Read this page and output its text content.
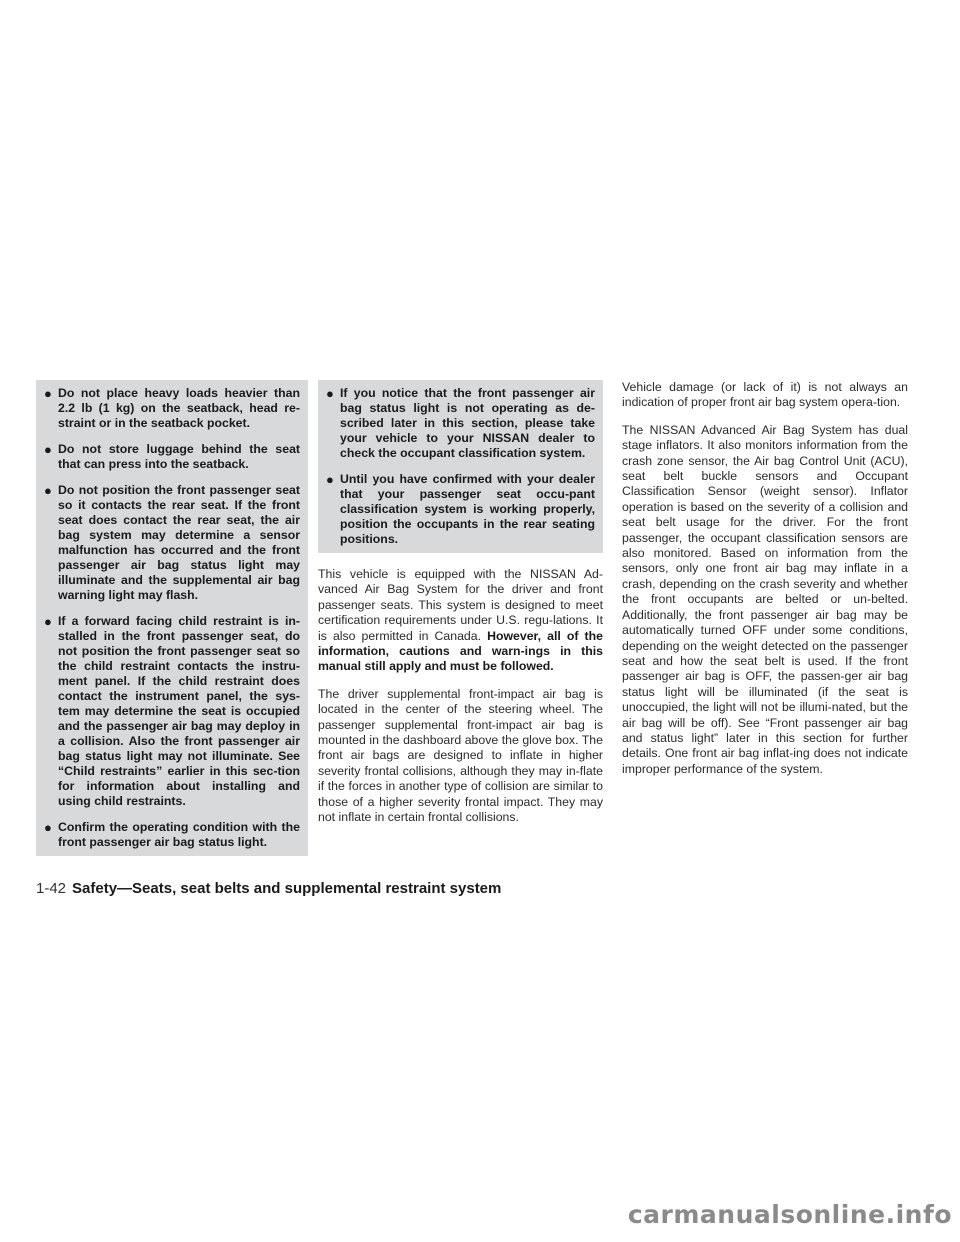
● Do not place heavy loads heavier than 2.2 lb (1 kg) on the seatback, head re-straint or in the seatback pocket.
● Do not store luggage behind the seat that can press into the seatback.
● Do not position the front passenger seat so it contacts the rear seat. If the front seat does contact the rear seat, the air bag system may determine a sensor malfunction has occurred and the front passenger air bag status light may illuminate and the supplemental air bag warning light may flash.
● If a forward facing child restraint is in-stalled in the front passenger seat, do not position the front passenger seat so the child restraint contacts the instru-ment panel. If the child restraint does contact the instrument panel, the sys-tem may determine the seat is occupied and the passenger air bag may deploy in a collision. Also the front passenger air bag status light may not illuminate. See “Child restraints” earlier in this sec-tion for information about installing and using child restraints.
● Confirm the operating condition with the front passenger air bag status light.
● If you notice that the front passenger air bag status light is not operating as de-scribed later in this section, please take your vehicle to your NISSAN dealer to check the occupant classification system.
● Until you have confirmed with your dealer that your passenger seat occu-pant classification system is working properly, position the occupants in the rear seating positions.

This vehicle is equipped with the NISSAN Ad-vanced Air Bag System for the driver and front passenger seats. This system is designed to meet certification requirements under U.S. regu-lations. It is also permitted in Canada. However, all of the information, cautions and warn-ings in this manual still apply and must be followed.

The driver supplemental front-impact air bag is located in the center of the steering wheel. The passenger supplemental front-impact air bag is mounted in the dashboard above the glove box. The front air bags are designed to inflate in higher severity frontal collisions, although they may in-flate if the forces in another type of collision are similar to those of a higher severity frontal impact. They may not inflate in certain frontal collisions.

Vehicle damage (or lack of it) is not always an indication of proper front air bag system opera-tion.

The NISSAN Advanced Air Bag System has dual stage inflators. It also monitors information from the crash zone sensor, the Air bag Control Unit (ACU), seat belt buckle sensors and Occupant Classification Sensor (weight sensor). Inflator operation is based on the severity of a collision and seat belt usage for the driver. For the front passenger, the occupant classification sensors are also monitored. Based on information from the sensors, only one front air bag may inflate in a crash, depending on the crash severity and whether the front occupants are belted or un-belted. Additionally, the front passenger air bag may be automatically turned OFF under some conditions, depending on the weight detected on the passenger seat and how the seat belt is used. If the front passenger air bag is OFF, the passen-ger air bag status light will be illuminated (if the seat is unoccupied, the light will not be illumi-nated, but the air bag will be off). See “Front passenger air bag and status light” later in this section for further details. One front air bag inflat-ing does not indicate improper performance of the system.

1-42 Safety—Seats, seat belts and supplemental restraint system
carmanualsonline.info
